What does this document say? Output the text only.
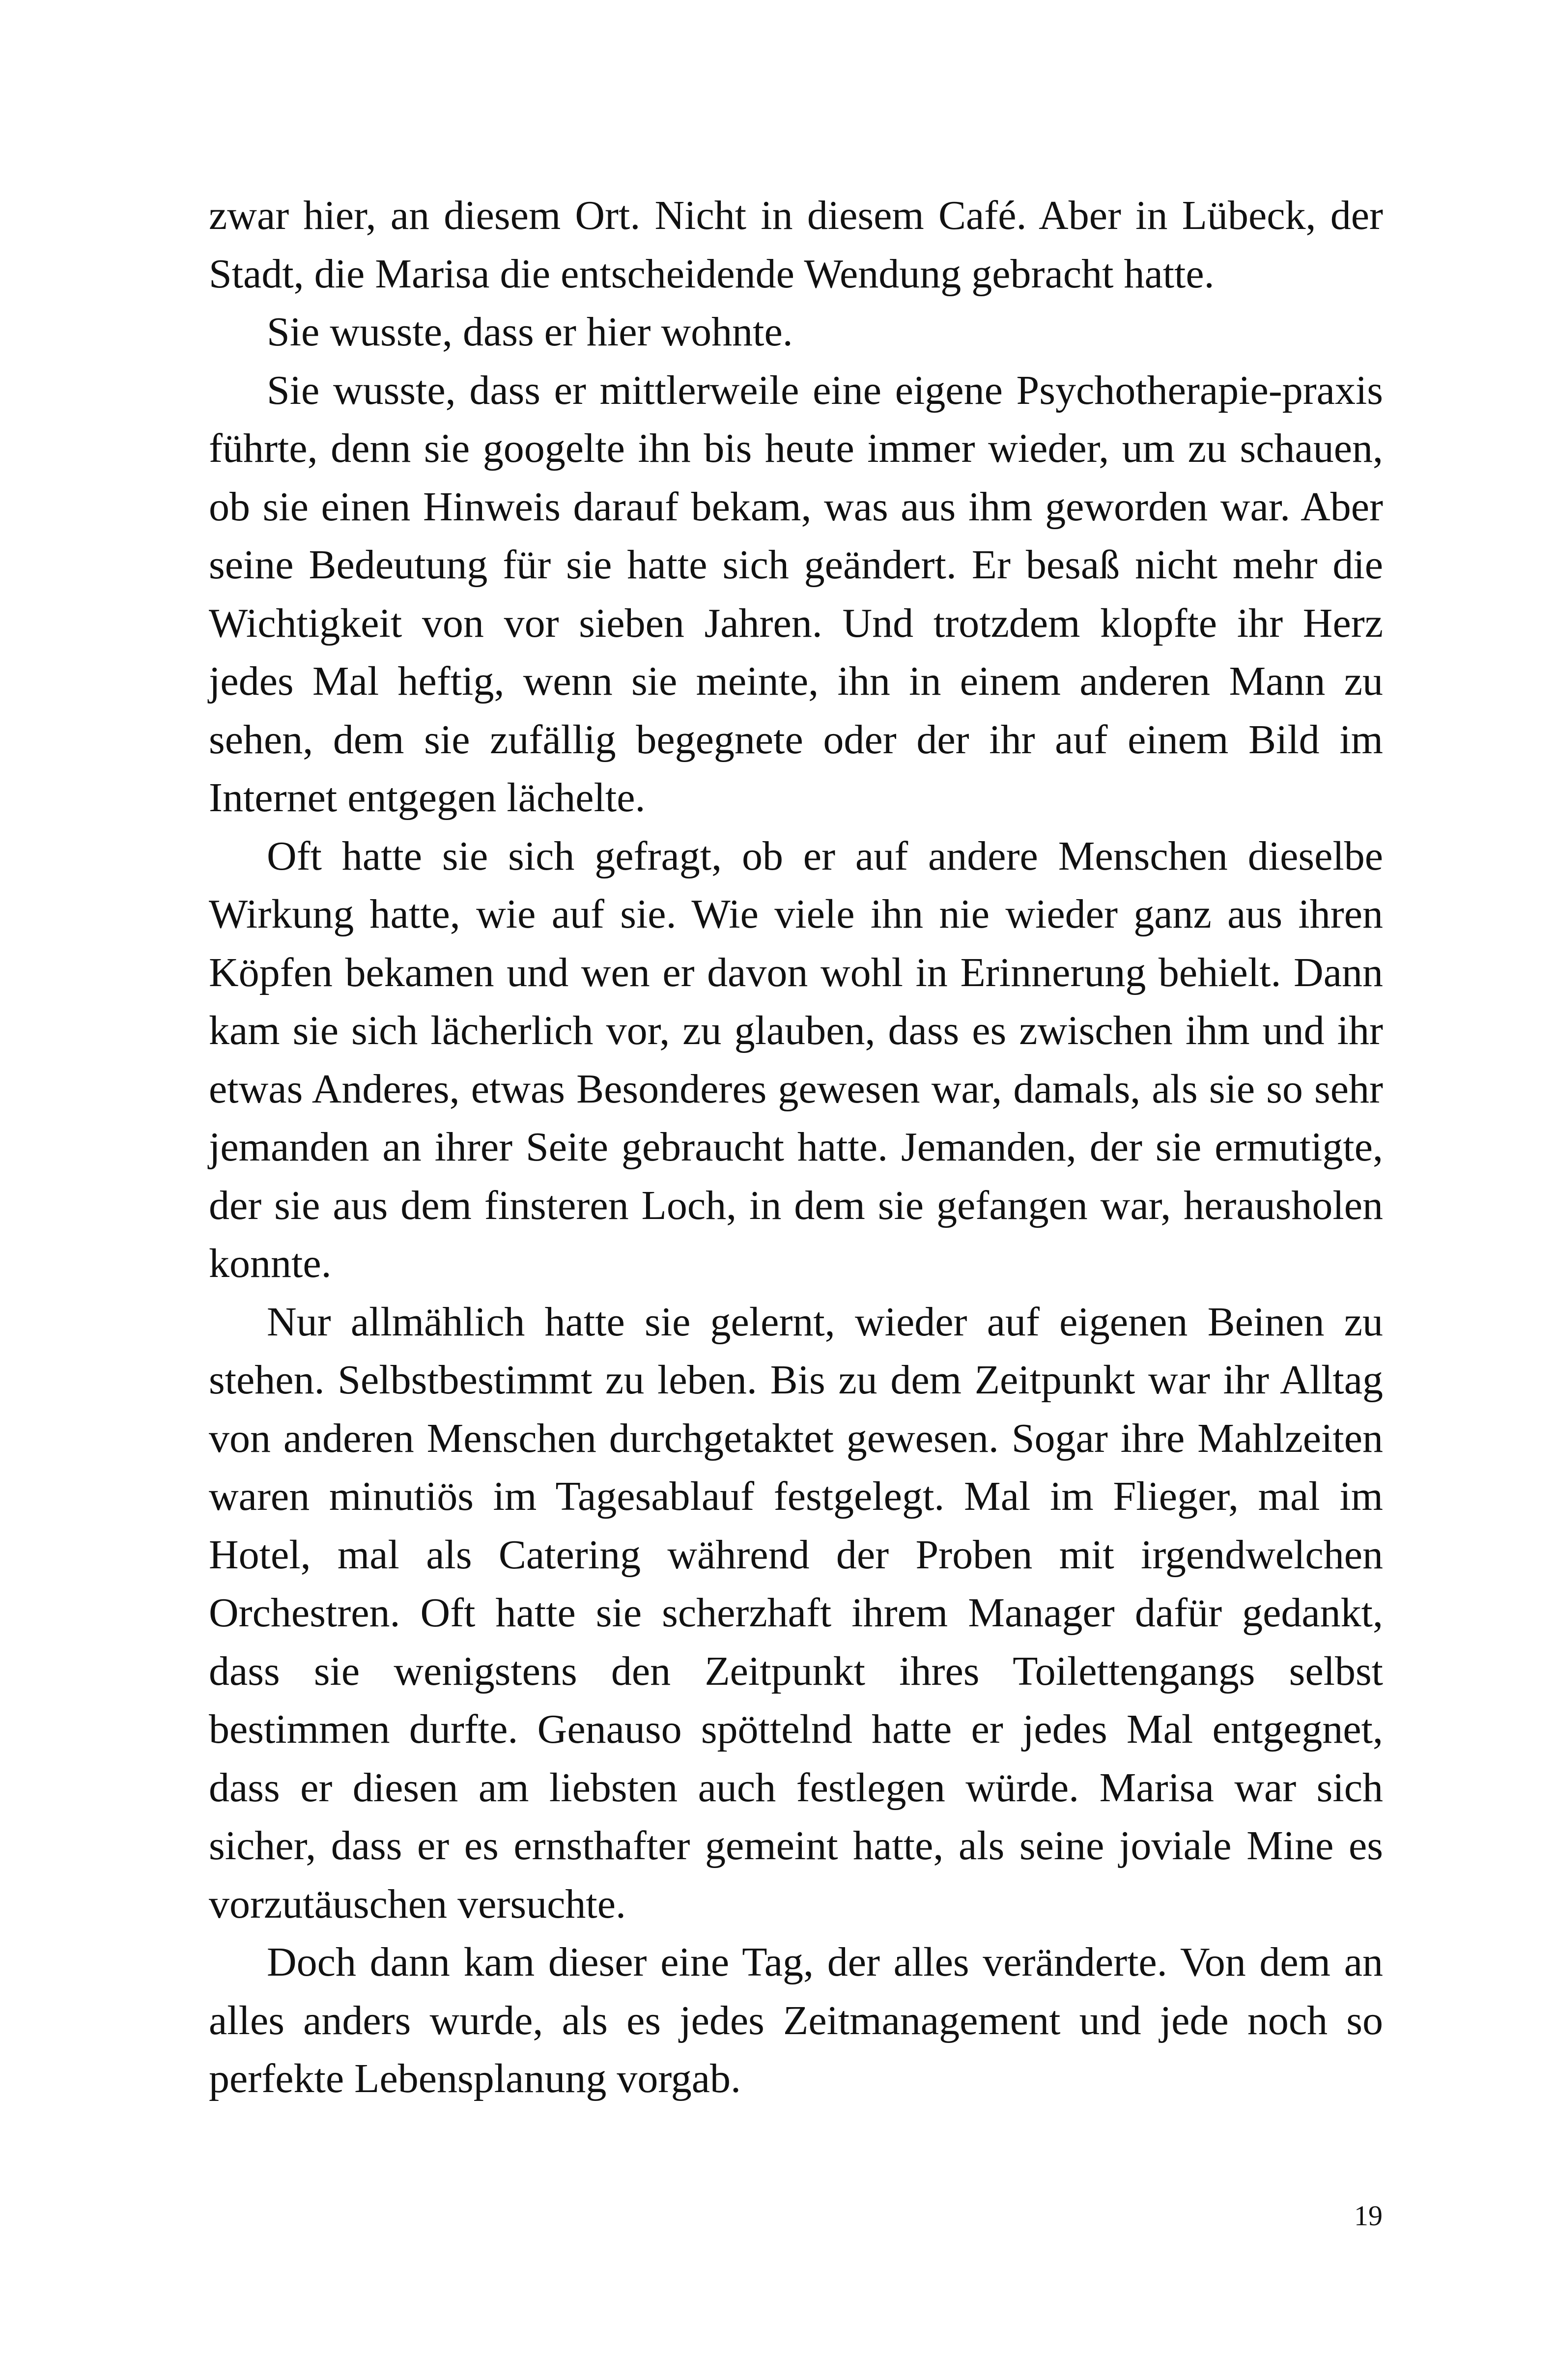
zwar hier, an diesem Ort. Nicht in diesem Café. Aber in Lübeck, der Stadt, die Marisa die entscheidende Wendung gebracht hatte.

Sie wusste, dass er hier wohnte.

Sie wusste, dass er mittlerweile eine eigene Psychotherapie-praxis führte, denn sie googelte ihn bis heute immer wieder, um zu schauen, ob sie einen Hinweis darauf bekam, was aus ihm geworden war. Aber seine Bedeutung für sie hatte sich geändert. Er besaß nicht mehr die Wichtigkeit von vor sieben Jahren. Und trotzdem klopfte ihr Herz jedes Mal heftig, wenn sie meinte, ihn in einem anderen Mann zu sehen, dem sie zufällig begegnete oder der ihr auf einem Bild im Internet entgegen lächelte.

Oft hatte sie sich gefragt, ob er auf andere Menschen dieselbe Wirkung hatte, wie auf sie. Wie viele ihn nie wieder ganz aus ihren Köpfen bekamen und wen er davon wohl in Erinnerung behielt. Dann kam sie sich lächerlich vor, zu glauben, dass es zwischen ihm und ihr etwas Anderes, etwas Besonderes gewesen war, damals, als sie so sehr jemanden an ihrer Seite gebraucht hatte. Jemanden, der sie ermutigte, der sie aus dem finsteren Loch, in dem sie gefangen war, herausholen konnte.

Nur allmählich hatte sie gelernt, wieder auf eigenen Beinen zu stehen. Selbstbestimmt zu leben. Bis zu dem Zeitpunkt war ihr Alltag von anderen Menschen durchgetaktet gewesen. Sogar ihre Mahlzeiten waren minutiös im Tagesablauf festgelegt. Mal im Flieger, mal im Hotel, mal als Catering während der Proben mit irgendwelchen Orchestren. Oft hatte sie scherzhaft ihrem Manager dafür gedankt, dass sie wenigstens den Zeitpunkt ihres Toilettengangs selbst bestimmen durfte. Genauso spöttelnd hatte er jedes Mal entgegnet, dass er diesen am liebsten auch festlegen würde. Marisa war sich sicher, dass er es ernsthafter gemeint hatte, als seine joviale Mine es vorzutäuschen versuchte.

Doch dann kam dieser eine Tag, der alles veränderte. Von dem an alles anders wurde, als es jedes Zeitmanagement und jede noch so perfekte Lebensplanung vorgab.

19
